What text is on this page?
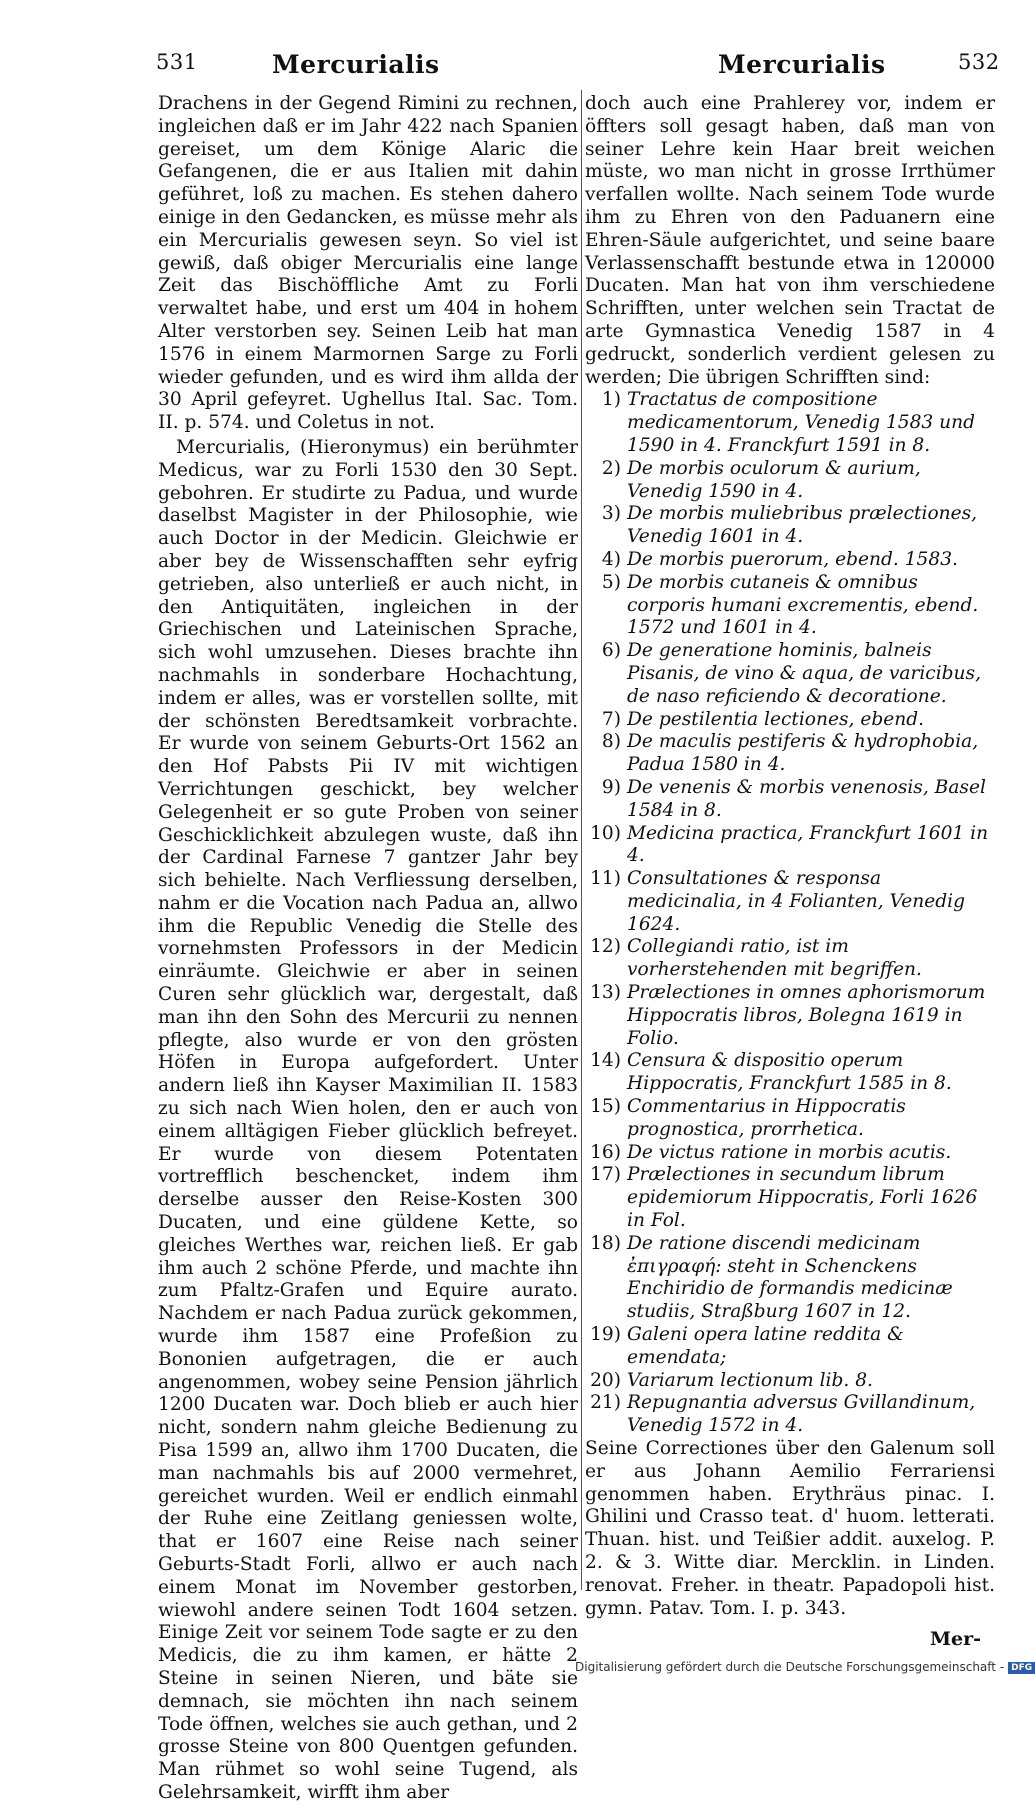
531	Mercurialis	Mercurialis	532

Drachens in der Gegend Rimini zu rechnen, ingleichen daß er im Jahr 422 nach Spanien gereiset, um dem Könige Alaric die Gefangenen, die er aus Italien mit dahin geführet, loß zu machen. Es stehen dahero einige in den Gedancken, es müsse mehr als ein Mercurialis gewesen seyn. So viel ist gewiß, daß obiger Mercurialis eine lange Zeit das Bischöffliche Amt zu Forli verwaltet habe, und erst um 404 in hohem Alter verstorben sey. Seinen Leib hat man 1576 in einem Marmornen Sarge zu Forli wieder gefunden, und es wird ihm allda der 30 April gefeyret. Ughellus Ital. Sac. Tom. II. p. 574. und Coletus in not.

Mercurialis, (Hieronymus) ein berühmter Medicus, war zu Forli 1530 den 30 Sept. gebohren. Er studirte zu Padua, und wurde daselbst Magister in der Philosophie, wie auch Doctor in der Medicin. Gleichwie er aber bey de Wissenschafften sehr eyfrig getrieben, also unterließ er auch nicht, in den Antiquitäten, ingleichen in der Griechischen und Lateinischen Sprache, sich wohl umzusehen. Dieses brachte ihn nachmahls in sonderbare Hochachtung, indem er alles, was er vorstellen sollte, mit der schönsten Beredtsamkeit vorbrachte. Er wurde von seinem Geburts-Ort 1562 an den Hof Pabsts Pii IV mit wichtigen Verrichtungen geschickt, bey welcher Gelegenheit er so gute Proben von seiner Geschicklichkeit abzulegen wuste, daß ihn der Cardinal Farnese 7 gantzer Jahr bey sich behielte. Nach Verfliessung derselben, nahm er die Vocation nach Padua an, allwo ihm die Republic Venedig die Stelle des vornehmsten Professors in der Medicin einräumte. Gleichwie er aber in seinen Curen sehr glücklich war, dergestalt, daß man ihn den Sohn des Mercurii zu nennen pflegte, also wurde er von den grösten Höfen in Europa aufgefordert. Unter andern ließ ihn Kayser Maximilian II. 1583 zu sich nach Wien holen, den er auch von einem alltägigen Fieber glücklich befreyet. Er wurde von diesem Potentaten vortrefflich beschencket, indem ihm derselbe ausser den Reise-Kosten 300 Ducaten, und eine güldene Kette, so gleiches Werthes war, reichen ließ. Er gab ihm auch 2 schöne Pferde, und machte ihn zum Pfaltz-Grafen und Equire aurato. Nachdem er nach Padua zurück gekommen, wurde ihm 1587 eine Profeßion zu Bononien aufgetragen, die er auch angenommen, wobey seine Pension jährlich 1200 Ducaten war. Doch blieb er auch hier nicht, sondern nahm gleiche Bedienung zu Pisa 1599 an, allwo ihm 1700 Ducaten, die man nachmahls bis auf 2000 vermehret, gereichet wurden. Weil er endlich einmahl der Ruhe eine Zeitlang geniessen wolte, that er 1607 eine Reise nach seiner Geburts-Stadt Forli, allwo er auch nach einem Monat im November gestorben, wiewohl andere seinen Todt 1604 setzen. Einige Zeit vor seinem Tode sagte er zu den Medicis, die zu ihm kamen, er hätte 2 Steine in seinen Nieren, und bäte sie demnach, sie möchten ihn nach seinem Tode öffnen, welches sie auch gethan, und 2 grosse Steine von 800 Quentgen gefunden. Man rühmet so wohl seine Tugend, als Gelehrsamkeit, wirfft ihm aber

doch auch eine Prahlerey vor, indem er öffters soll gesagt haben, daß man von seiner Lehre kein Haar breit weichen müste, wo man nicht in grosse Irrthümer verfallen wollte. Nach seinem Tode wurde ihm zu Ehren von den Paduanern eine Ehren-Säule aufgerichtet, und seine baare Verlassenschafft bestunde etwa in 120000 Ducaten. Man hat von ihm verschiedene Schrifften, unter welchen sein Tractat de arte Gymnastica Venedig 1587 in 4 gedruckt, sonderlich verdient gelesen zu werden; Die übrigen Schrifften sind:

1) Tractatus de compositione medicamentorum, Venedig 1583 und 1590 in 4. Franckfurt 1591 in 8.
2) De morbis oculorum & aurium, Venedig 1590 in 4.
3) De morbis muliebribus prælectiones, Venedig 1601 in 4.
4) De morbis puerorum, ebend. 1583.
5) De morbis cutaneis & omnibus corporis humani excrementis, ebend. 1572 und 1601 in 4.
6) De generatione hominis, balneis Pisanis, de vino & aqua, de varicibus, de naso reficiendo & decoratione.
7) De pestilentia lectiones, ebend.
8) De maculis pestiferis & hydrophobia, Padua 1580 in 4.
9) De venenis & morbis venenosis, Basel 1584 in 8.
10) Medicina practica, Franckfurt 1601 in 4.
11) Consultationes & responsa medicinalia, in 4 Folianten, Venedig 1624.
12) Collegiandi ratio, ist im vorherstehenden mit begriffen.
13) Prælectiones in omnes aphorismorum Hippocratis libros, Bolegna 1619 in Folio.
14) Censura & dispositio operum Hippocratis, Franckfurt 1585 in 8.
15) Commentarius in Hippocratis prognostica, prorrhetica.
16) De victus ratione in morbis acutis.
17) Prælectiones in secundum librum epidemiorum Hippocratis, Forli 1626 in Fol.
18) De ratione discendi medicinam ἐπιγραφή: steht in Schenckens Enchiridio de formandis medicinæ studiis, Straßburg 1607 in 12.
19) Galeni opera latine reddita & emendata;
20) Variarum lectionum lib. 8.
21) Repugnantia adversus Gvillandinum, Venedig 1572 in 4.

Seine Correctiones über den Galenum soll er aus Johann Aemilio Ferrariensi genommen haben. Erythräus pinac. I. Ghilini und Crasso teat. d' huom. letterati. Thuan. hist. und Teißier addit. auxelog. P. 2. & 3. Witte diar. Mercklin. in Linden. renovat. Freher. in theatr. Papadopoli hist. gymn. Patav. Tom. I. p. 343.

Mer-
Digitalisierung gefördert durch die Deutsche Forschungsgemeinschaft - DFG
